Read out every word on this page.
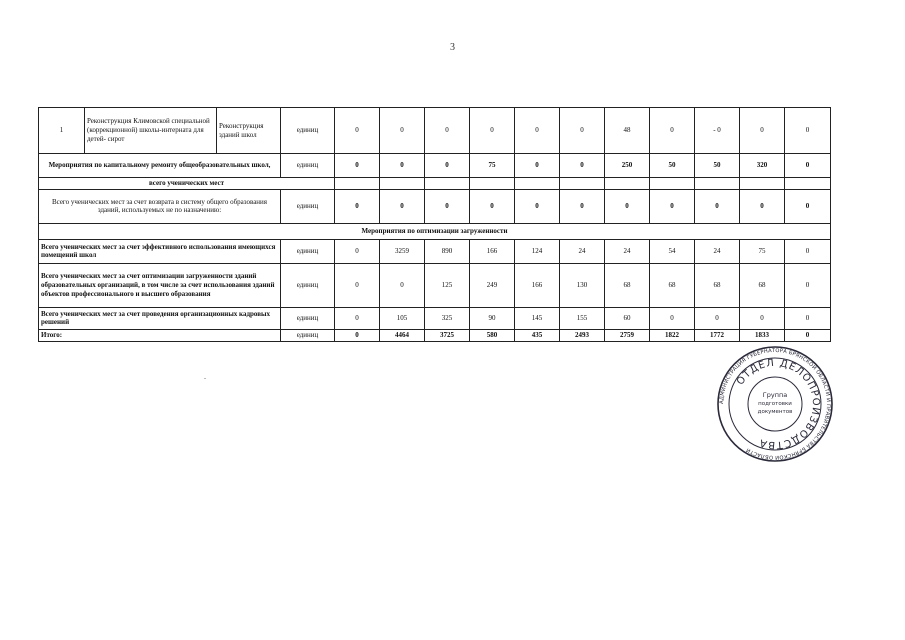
3
1	Реконструкция Климовской специальной (коррекционной) школы-интерната для детей- сирот	Реконструкция зданий школ	единиц	0	0	0	0	0	0	48	0	- 0	0	0
Мероприятия по капитальному ремонту общеобразовательных школ,			единиц	0	0	0	75	0	0	250	50	50	320	0
всего ученических мест														
Всего ученических мест за счет возврата в систему общего образования зданий, используемых не по назначению:			единиц	0	0	0	0	0	0	0	0	0	0	0
Мероприятия по оптимизации загруженности														
Всего ученических мест за счет эффективного использования имеющихся помещений школ			единиц	0	3259	890	166	124	24	24	54	24	75	0
Всего ученических мест за счет оптимизации загруженности зданий образовательных организаций, в том числе за счет использования зданий объектов профессионального и высшего образования			единиц	0	0	125	249	166	130	68	68	68	68	0
Всего ученических мест за счет проведения организационных кадровых решений			единиц	0	105	325	90	145	155	60	0	0	0	0
Итого:			единиц	0	4464	3725	580	435	2493	2759	1822	1772	1833	0
АДМИНИСТРАЦИЯ ГУБЕРНАТОРА БРЯНСКОЙ ОБЛАСТИ И ПРАВИТЕЛЬСТВА БРЯНСКОЙ ОБЛАСТИ
ОТДЕЛ ДЕЛОПРОИЗВОДСТВА
Группа
подготовки
документов
